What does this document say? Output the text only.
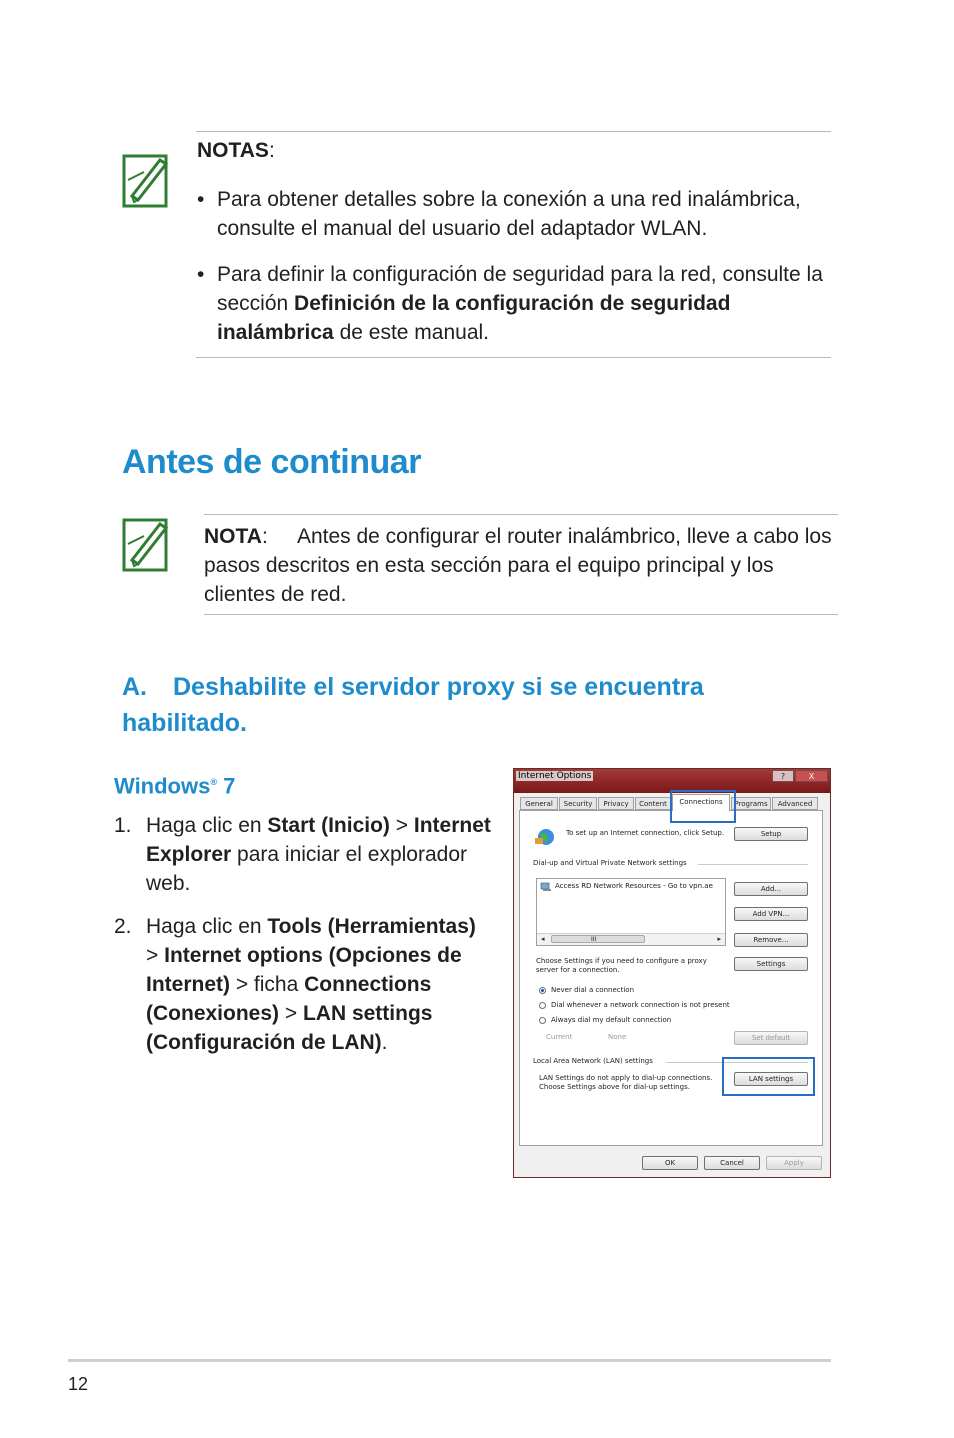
NOTAS:
• Para obtener detalles sobre la conexión a una red inalámbrica, consulte el manual del usuario del adaptador WLAN.
• Para definir la configuración de seguridad para la red, consulte la sección Definición de la configuración de seguridad inalámbrica de este manual.
Antes de continuar
NOTA:     Antes de configurar el router inalámbrico, lleve a cabo los pasos descritos en esta sección para el equipo principal y los clientes de red.
A. Deshabilite el servidor proxy si se encuentra
habilitado.
Windows® 7
1. Haga clic en Start (Inicio) > Internet Explorer para iniciar el explorador web.
2. Haga clic en Tools (Herramientas) > Internet options (Opciones de Internet) > ficha Connections (Conexiones) > LAN settings (Configuración de LAN).
Internet Options	?	X
General	Security	Privacy	Content	Connections	Programs	Advanced
To set up an Internet connection, click Setup.	Setup
Dial-up and Virtual Private Network settings
Access RD Network Resources - Go to vpn.ae
◂	III	▸
Add...
Add VPN...
Remove...
Choose Settings if you need to configure a proxy server for a connection.
Settings
Never dial a connection
Dial whenever a network connection is not present
Always dial my default connection
Current	None	Set default
Local Area Network (LAN) settings
LAN Settings do not apply to dial-up connections. Choose Settings above for dial-up settings.
LAN settings
OK	Cancel	Apply
12
